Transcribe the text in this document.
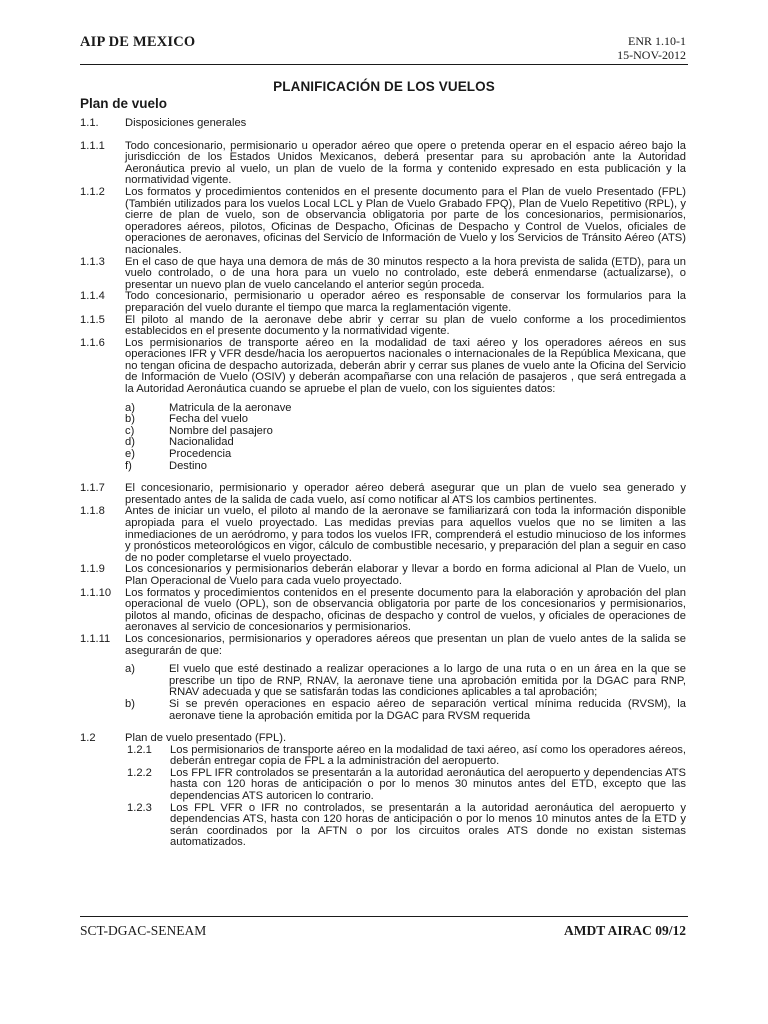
AIP DE MEXICO	ENR 1.10-1
15-NOV-2012
PLANIFICACIÓN DE LOS VUELOS
Plan de vuelo
1.1.	Disposiciones generales
1.1.1	Todo concesionario, permisionario u operador aéreo que opere o pretenda operar en el espacio aéreo bajo la jurisdicción de los Estados Unidos Mexicanos, deberá presentar para su aprobación ante la Autoridad Aeronáutica previo al vuelo, un plan de vuelo de la forma y contenido expresado en esta publicación y la normatividad vigente.
1.1.2	Los formatos y procedimientos contenidos en el presente documento para el Plan de vuelo Presentado (FPL) (También utilizados para los vuelos Local LCL y Plan de Vuelo Grabado FPQ), Plan de Vuelo Repetitivo (RPL), y cierre de plan de vuelo, son de observancia obligatoria por parte de los concesionarios, permisionarios, operadores aéreos, pilotos, Oficinas de Despacho, Oficinas de Despacho y Control de Vuelos, oficiales de operaciones de aeronaves, oficinas del Servicio de Información de Vuelo y los Servicios de Tránsito Aéreo (ATS) nacionales.
1.1.3	En el caso de que haya una demora de más de 30 minutos respecto a la hora prevista de salida (ETD), para un vuelo controlado, o de una hora para un vuelo no controlado, este deberá enmendarse (actualizarse), o presentar un nuevo plan de vuelo cancelando el anterior según proceda.
1.1.4	Todo concesionario, permisionario u operador aéreo es responsable de conservar los formularios para la preparación del vuelo durante el tiempo que marca la reglamentación vigente.
1.1.5	El piloto al mando de la aeronave debe abrir y cerrar su plan de vuelo conforme a los procedimientos establecidos en el presente documento y la normatividad vigente.
1.1.6	Los permisionarios de transporte aéreo en la modalidad de taxi aéreo y los operadores aéreos en sus operaciones IFR y VFR desde/hacia los aeropuertos nacionales o internacionales de la República Mexicana, que no tengan oficina de despacho autorizada, deberán abrir y cerrar sus planes de vuelo ante la Oficina del Servicio de Información de Vuelo (OSIV) y deberán acompañarse con una relación de pasajeros , que será entregada a la Autoridad Aeronáutica cuando se apruebe el plan de vuelo, con los siguientes datos:
a)	Matricula de la aeronave
b)	Fecha del vuelo
c)	Nombre del pasajero
d)	Nacionalidad
e)	Procedencia
f)	Destino
1.1.7	El concesionario, permisionario y operador aéreo deberá asegurar que un plan de vuelo sea generado y presentado antes de la salida de cada vuelo, así como notificar al ATS los cambios pertinentes.
1.1.8	Antes de iniciar un vuelo, el piloto al mando de la aeronave se familiarizará con toda la información disponible apropiada para el vuelo proyectado. Las medidas previas para aquellos vuelos que no se limiten a las inmediaciones de un aeródromo, y para todos los vuelos IFR, comprenderá el estudio minucioso de los informes y pronósticos meteorológicos en vigor, cálculo de combustible necesario, y preparación del plan a seguir en caso de no poder completarse el vuelo proyectado.
1.1.9	Los concesionarios y permisionarios deberán elaborar y llevar a bordo en forma adicional al Plan de Vuelo, un Plan Operacional de Vuelo para cada vuelo proyectado.
1.1.10	Los formatos y procedimientos contenidos en el presente documento para la elaboración y aprobación del plan operacional de vuelo (OPL), son de observancia obligatoria por parte de los concesionarios y permisionarios, pilotos al mando, oficinas de despacho, oficinas de despacho y control de vuelos, y oficiales de operaciones de aeronaves al servicio de concesionarios y permisionarios.
1.1.11	Los concesionarios, permisionarios y operadores aéreos que presentan un plan de vuelo antes de la salida se asegurarán de que:
a)	El vuelo que esté destinado a realizar operaciones a lo largo de una ruta o en un área en la que se prescribe un tipo de RNP, RNAV, la aeronave tiene una aprobación emitida por la DGAC para RNP, RNAV adecuada y que se satisfarán todas las condiciones aplicables a tal aprobación;
b)	Si se prevén operaciones en espacio aéreo de separación vertical mínima reducida (RVSM), la aeronave tiene la aprobación emitida por la DGAC para RVSM requerida
1.2	Plan de vuelo presentado (FPL).
1.2.1	Los permisionarios de transporte aéreo en la modalidad de taxi aéreo, así como los operadores aéreos, deberán entregar copia de FPL a la administración del aeropuerto.
1.2.2	Los FPL IFR controlados se presentarán a la autoridad aeronáutica del aeropuerto y dependencias ATS hasta con 120 horas de anticipación o por lo menos 30 minutos antes del ETD, excepto que las dependencias ATS autoricen lo contrario.
1.2.3	Los FPL VFR o IFR no controlados, se presentarán a la autoridad aeronáutica del aeropuerto y dependencias ATS, hasta con 120 horas de anticipación o por lo menos 10 minutos antes de la ETD y serán coordinados por la AFTN o por los circuitos orales ATS donde no existan sistemas automatizados.
SCT-DGAC-SENEAM	AMDT AIRAC 09/12
